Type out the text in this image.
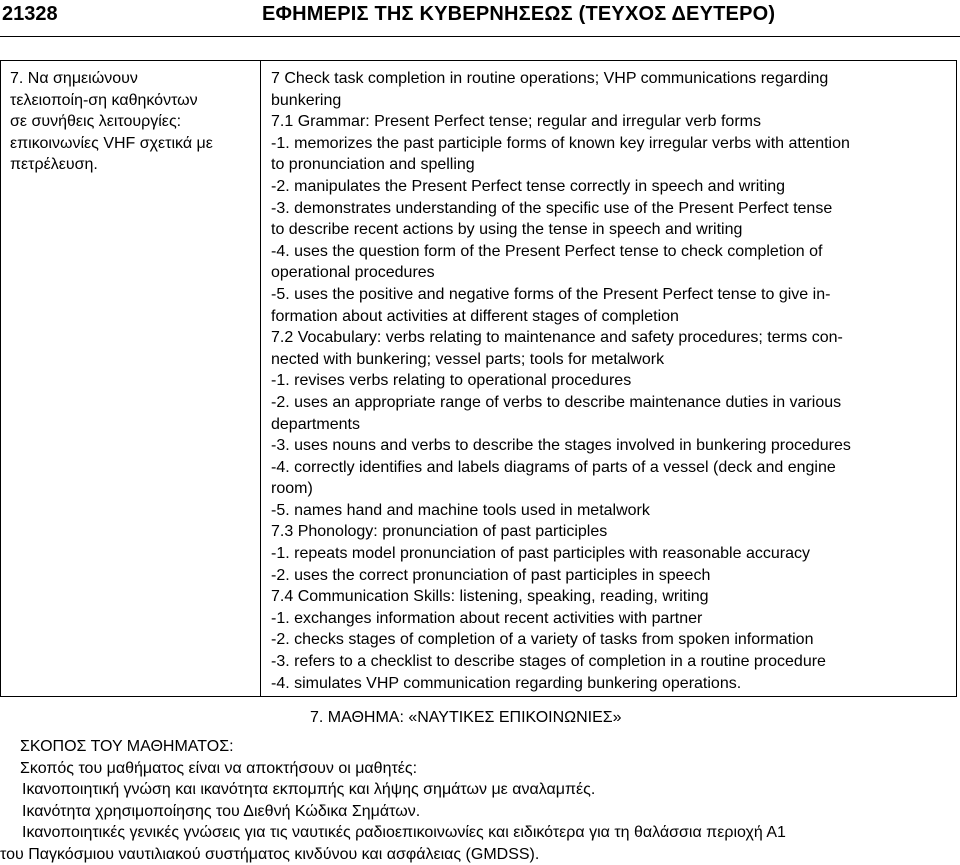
21328	ΕΦΗΜΕΡΙΣ ΤΗΣ ΚΥΒΕΡΝΗΣΕΩΣ (ΤΕΥΧΟΣ ΔΕΥΤΕΡΟ)
7. Να σημειώνουν
τελειοποίη-ση καθηκόντων
σε συνήθεις λειτουργίες:
επικοινωνίες VHF σχετικά με
πετρέλευση.
7 Check task completion in routine operations; VHP communications regarding
bunkering
7.1 Grammar: Present Perfect tense; regular and irregular verb forms
-1. memorizes the past participle forms of known key irregular verbs with attention
to pronunciation and spelling
-2. manipulates the Present Perfect tense correctly in speech and writing
-3. demonstrates understanding of the specific use of the Present Perfect tense
to describe recent actions by using the tense in speech and writing
-4. uses the question form of the Present Perfect tense to check completion of
operational procedures
-5. uses the positive and negative forms of the Present Perfect tense to give in-
formation about activities at different stages of completion
7.2 Vocabulary: verbs relating to maintenance and safety procedures; terms con-
nected with bunkering; vessel parts; tools for metalwork
-1. revises verbs relating to operational procedures
-2. uses an appropriate range of verbs to describe maintenance duties in various
departments
-3. uses nouns and verbs to describe the stages involved in bunkering procedures
-4. correctly identifies and labels diagrams of parts of a vessel (deck and engine
room)
-5. names hand and machine tools used in metalwork
7.3 Phonology: pronunciation of past participles
-1. repeats model pronunciation of past participles with reasonable accuracy
-2. uses the correct pronunciation of past participles in speech
7.4 Communication Skills: listening, speaking, reading, writing
-1. exchanges information about recent activities with partner
-2. checks stages of completion of a variety of tasks from spoken information
-3. refers to a checklist to describe stages of completion in a routine procedure
-4. simulates VHP communication regarding bunkering operations.
7. ΜΑΘΗΜΑ: «ΝΑΥΤΙΚΕΣ ΕΠΙΚΟΙΝΩΝΙΕΣ»
ΣΚΟΠΟΣ ΤΟΥ ΜΑΘΗΜΑΤΟΣ:
Σκοπός του μαθήματος είναι να αποκτήσουν οι μαθητές:
Ικανοποιητική γνώση και ικανότητα εκπομπής και λήψης σημάτων με αναλαμπές.
Ικανότητα χρησιμοποίησης του Διεθνή Κώδικα Σημάτων.
Ικανοποιητικές γενικές γνώσεις για τις ναυτικές ραδιοεπικοινωνίες και ειδικότερα για τη θαλάσσια περιοχή Α1
του Παγκόσμιου ναυτιλιακού συστήματος κινδύνου και ασφάλειας (GMDSS).
